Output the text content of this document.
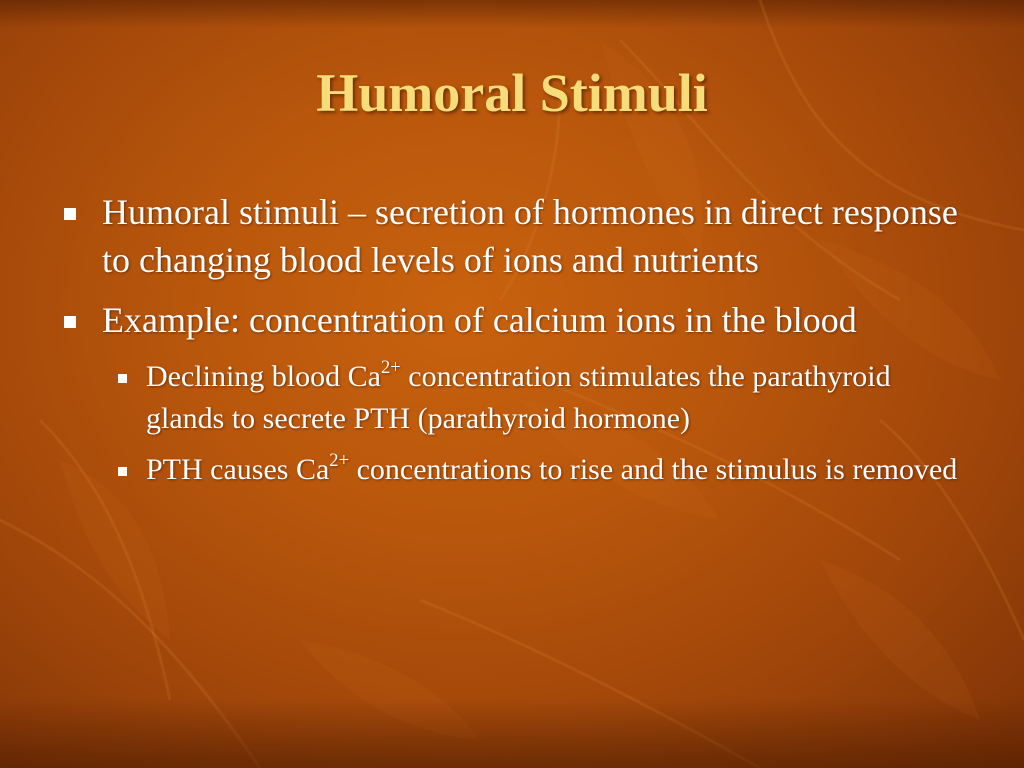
Humoral Stimuli
Humoral stimuli – secretion of hormones in direct response to changing blood levels of ions and nutrients
Example: concentration of calcium ions in the blood
Declining blood $Ca^{2+}$ concentration stimulates the parathyroid glands to secrete PTH (parathyroid hormone)
PTH causes $Ca^{2+}$ concentrations to rise and the stimulus is removed
